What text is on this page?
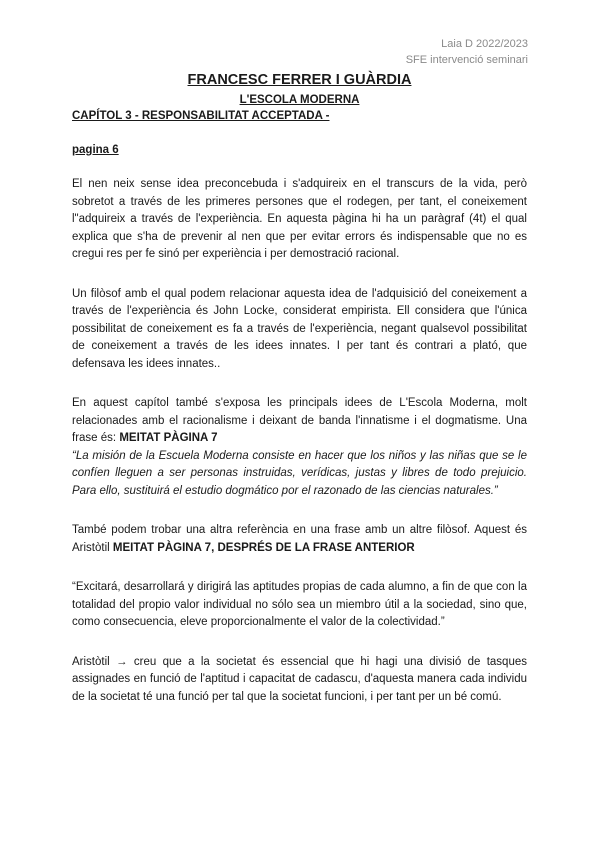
Laia D 2022/2023
SFE intervenció seminari
FRANCESC FERRER I GUÀRDIA
L'ESCOLA MODERNA
CAPÍTOL 3 - RESPONSABILITAT ACCEPTADA -
pagina 6

El nen neix sense idea preconcebuda i s'adquireix en el transcurs de la vida, però sobretot a través de les primeres persones que el rodegen, per tant, el coneixement l"adquireix a través de l'experiència. En aquesta pàgina hi ha un paràgraf (4t) el qual explica que s'ha de prevenir al nen que per evitar errors és indispensable que no es cregui res per fe sinó per experiència i per demostració racional.

Un filòsof amb el qual podem relacionar aquesta idea de l'adquisició del coneixement a través de l'experiència és John Locke, considerat empirista. Ell considera que l'única possibilitat de coneixement es fa a través de l'experiència, negant qualsevol possibilitat de coneixement a través de les idees innates. I per tant és contrari a plató, que defensava les idees innates..

En aquest capítol també s'exposa les principals idees de L'Escola Moderna, molt relacionades amb el racionalisme i deixant de banda l'innatisme i el dogmatisme. Una frase és: MEITAT PÀGINA 7

“La misión de la Escuela Moderna consiste en hacer que los niños y las niñas que se le confíen lleguen a ser personas instruidas, verídicas, justas y libres de todo prejuicio. Para ello, sustituirá el estudio dogmático por el razonado de las ciencias naturales.”

També podem trobar una altra referència en una frase amb un altre filòsof. Aquest és Aristòtil MEITAT PÀGINA 7, DESPRÉS DE LA FRASE ANTERIOR

“Excitará, desarrollará y dirigirá las aptitudes propias de cada alumno, a fin de que con la totalidad del propio valor individual no sólo sea un miembro útil a la sociedad, sino que, como consecuencia, eleve proporcionalmente el valor de la colectividad.”

Aristòtil → creu que a la societat és essencial que hi hagi una divisió de tasques assignades en funció de l'aptitud i capacitat de cadascu, d'aquesta manera cada individu de la societat té una funció per tal que la societat funcioni, i per tant per un bé comú.
